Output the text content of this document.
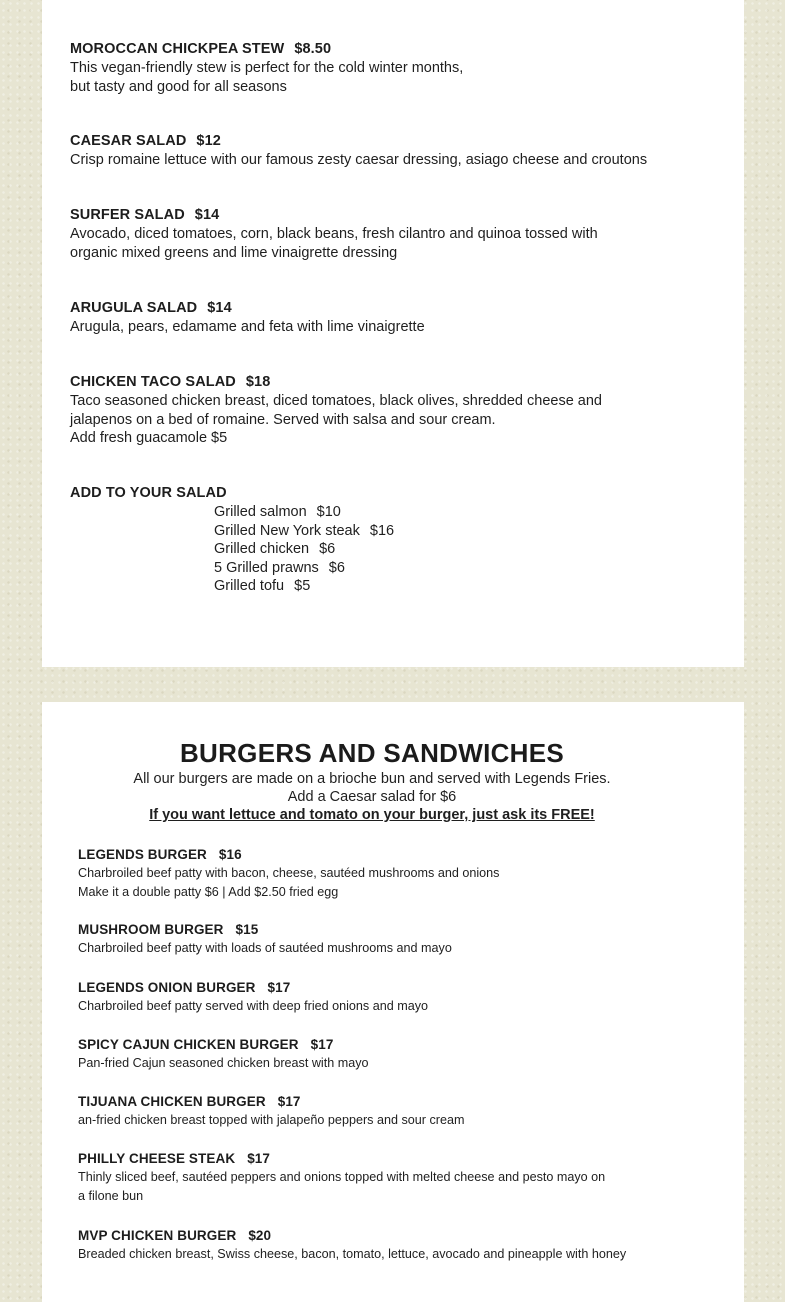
MOROCCAN CHICKPEA STEW $8.50
This vegan-friendly stew is perfect for the cold winter months,
but tasty and good for all seasons
CAESAR SALAD $12
Crisp romaine lettuce with our famous zesty caesar dressing, asiago cheese and croutons
SURFER SALAD $14
Avocado, diced tomatoes, corn, black beans, fresh cilantro and quinoa tossed with
organic mixed greens and lime vinaigrette dressing
ARUGULA SALAD $14
Arugula, pears, edamame and feta with lime vinaigrette
CHICKEN TACO SALAD $18
Taco seasoned chicken breast, diced tomatoes, black olives, shredded cheese and
jalapenos on a bed of romaine. Served with salsa and sour cream.
Add fresh guacamole $5
ADD TO YOUR SALAD
Grilled salmon $10
Grilled New York steak $16
Grilled chicken $6
5 Grilled prawns $6
Grilled tofu $5
BURGERS AND SANDWICHES
All our burgers are made on a brioche bun and served with Legends Fries.
Add a Caesar salad for $6
If you want lettuce and tomato on your burger, just ask its FREE!
LEGENDS BURGER $16
Charbroiled beef patty with bacon, cheese, sautéed mushrooms and onions
Make it a double patty $6 | Add $2.50 fried egg
MUSHROOM BURGER $15
Charbroiled beef patty with loads of sautéed mushrooms and mayo
LEGENDS ONION BURGER $17
Charbroiled beef patty served with deep fried onions and mayo
SPICY CAJUN CHICKEN BURGER $17
Pan-fried Cajun seasoned chicken breast with mayo
TIJUANA CHICKEN BURGER $17
an-fried chicken breast topped with jalapeño peppers and sour cream
PHILLY CHEESE STEAK $17
Thinly sliced beef, sautéed peppers and onions topped with melted cheese and pesto mayo on
a filone bun
MVP CHICKEN BURGER $20
Breaded chicken breast, Swiss cheese, bacon, tomato, lettuce, avocado and pineapple with honey
